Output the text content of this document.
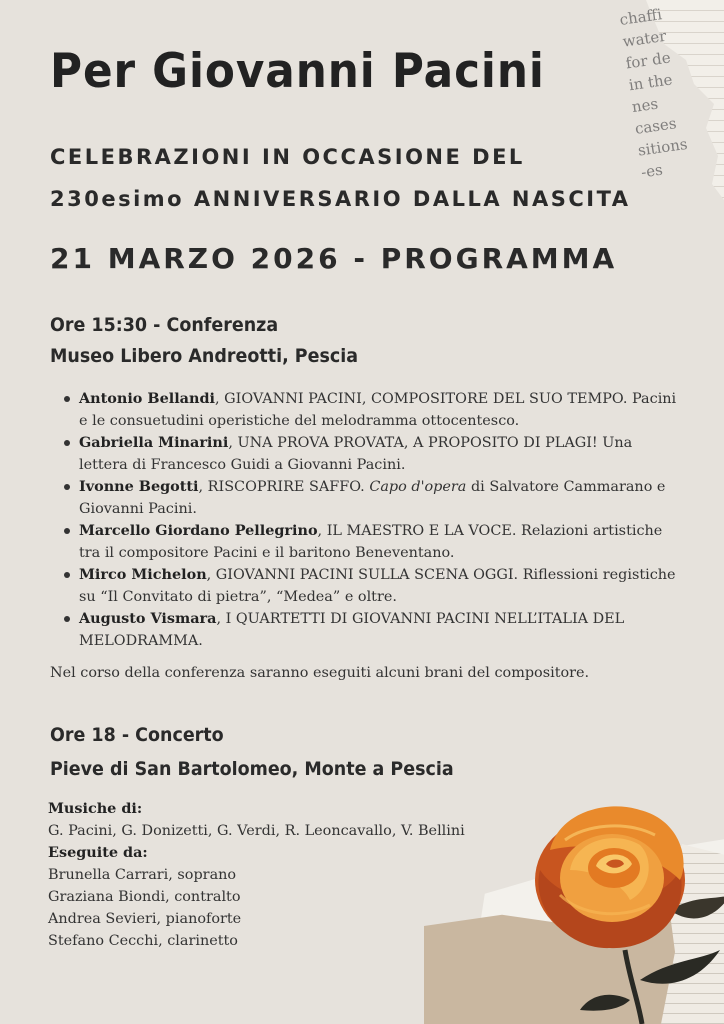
chaffi
water
for de
in the
nes
cases
sitions
-es
Per Giovanni Pacini
CELEBRAZIONI IN OCCASIONE DEL
230esimo ANNIVERSARIO DALLA NASCITA
21 MARZO 2026 - PROGRAMMA
Ore 15:30 - Conferenza
Museo Libero Andreotti, Pescia
Antonio Bellandi, GIOVANNI PACINI, COMPOSITORE DEL SUO TEMPO. Pacini e le consuetudini operistiche del melodramma ottocentesco.
Gabriella Minarini, UNA PROVA PROVATA, A PROPOSITO DI PLAGI! Una lettera di Francesco Guidi a Giovanni Pacini.
Ivonne Begotti, RISCOPRIRE SAFFO. Capo d'opera di Salvatore Cammarano e Giovanni Pacini.
Marcello Giordano Pellegrino, IL MAESTRO E LA VOCE. Relazioni artistiche tra il compositore Pacini e il baritono Beneventano.
Mirco Michelon, GIOVANNI PACINI SULLA SCENA OGGI. Riflessioni registiche su “Il Convitato di pietra”, “Medea” e oltre.
Augusto Vismara, I QUARTETTI DI GIOVANNI PACINI NELL’ITALIA DEL MELODRAMMA.

Nel corso della conferenza saranno eseguiti alcuni brani del compositore.

Ore 18 - Concerto
Pieve di San Bartolomeo, Monte a Pescia
Musiche di:
G. Pacini, G. Donizetti, G. Verdi, R. Leoncavallo, V. Bellini
Eseguite da:
Brunella Carrari, soprano
Graziana Biondi, contralto
Andrea Sevieri, pianoforte
Stefano Cecchi, clarinetto
